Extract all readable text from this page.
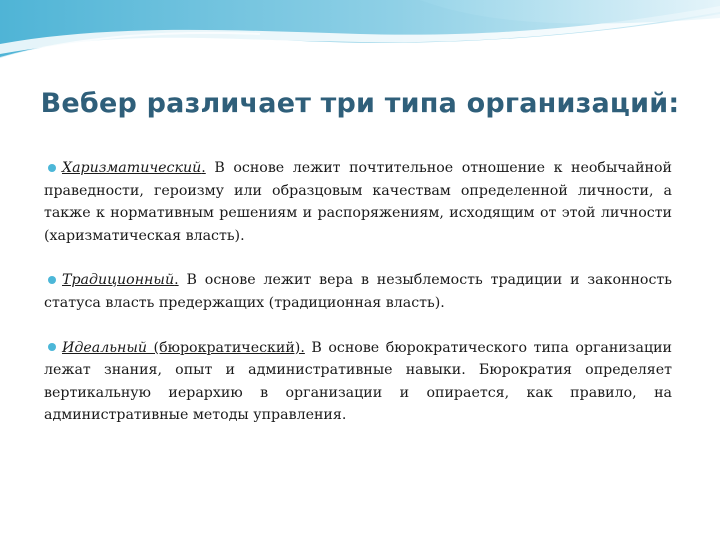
Вебер различает три типа организаций:

Харизматический. В основе лежит почтительное отношение к необычайной праведности, героизму или образцовым качествам определенной личности, а также к нормативным решениям и распоряжениям, исходящим от этой личности (харизматическая власть).

Традиционный. В основе лежит вера в незыблемость традиции и законность статуса власть предержащих (традиционная власть).

Идеальный (бюрократический). В основе бюрократического типа организации лежат знания, опыт и административные навыки. Бюрократия определяет вертикальную иерархию в организации и опирается, как правило, на административные методы управления.
